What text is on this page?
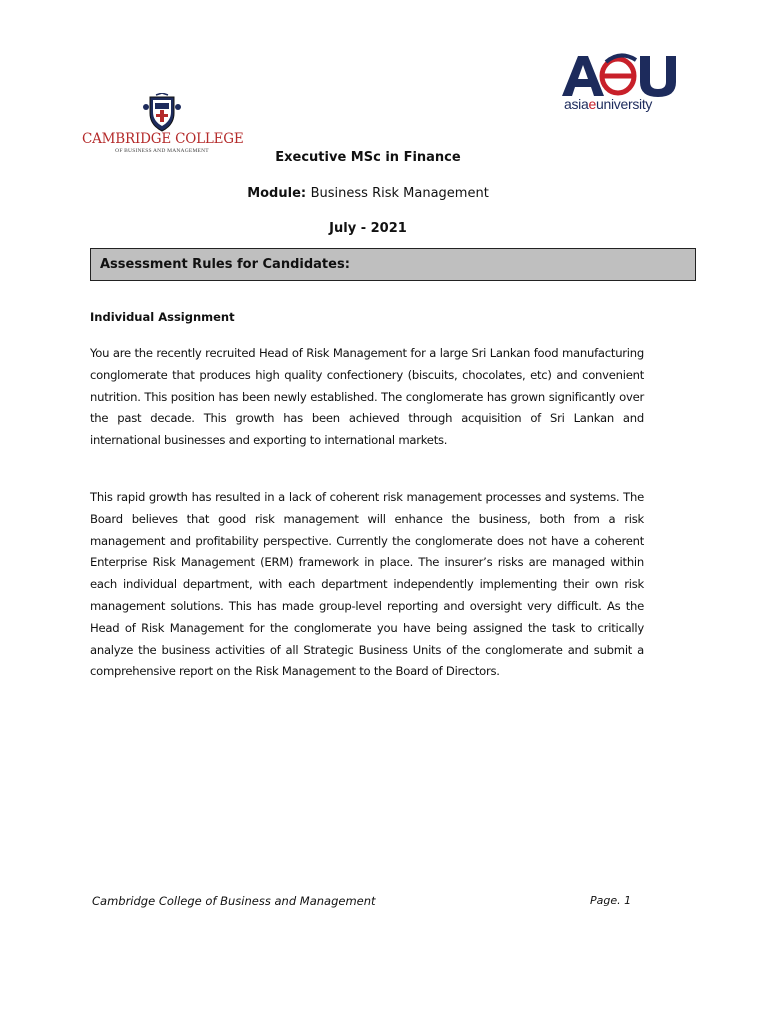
CAMBRIDGE COLLEGE
OF BUSINESS AND MANAGEMENT
asiaeuniversity
Executive MSc in Finance
Module: Business Risk Management
July - 2021
Assessment Rules for Candidates:
Individual Assignment
You are the recently recruited Head of Risk Management for a large Sri Lankan food manufacturing conglomerate that produces high quality confectionery (biscuits, chocolates, etc) and convenient nutrition. This position has been newly established. The conglomerate has grown significantly over the past decade. This growth has been achieved through acquisition of Sri Lankan and international businesses and exporting to international markets.
This rapid growth has resulted in a lack of coherent risk management processes and systems. The Board believes that good risk management will enhance the business, both from a risk management and profitability perspective. Currently the conglomerate does not have a coherent Enterprise Risk Management (ERM) framework in place. The insurer’s risks are managed within each individual department, with each department independently implementing their own risk management solutions. This has made group-level reporting and oversight very difficult. As the Head of Risk Management for the conglomerate you have being assigned the task to critically analyze the business activities of all Strategic Business Units of the conglomerate and submit a comprehensive report on the Risk Management to the Board of Directors.
Cambridge College of Business and Management	Page. 1
